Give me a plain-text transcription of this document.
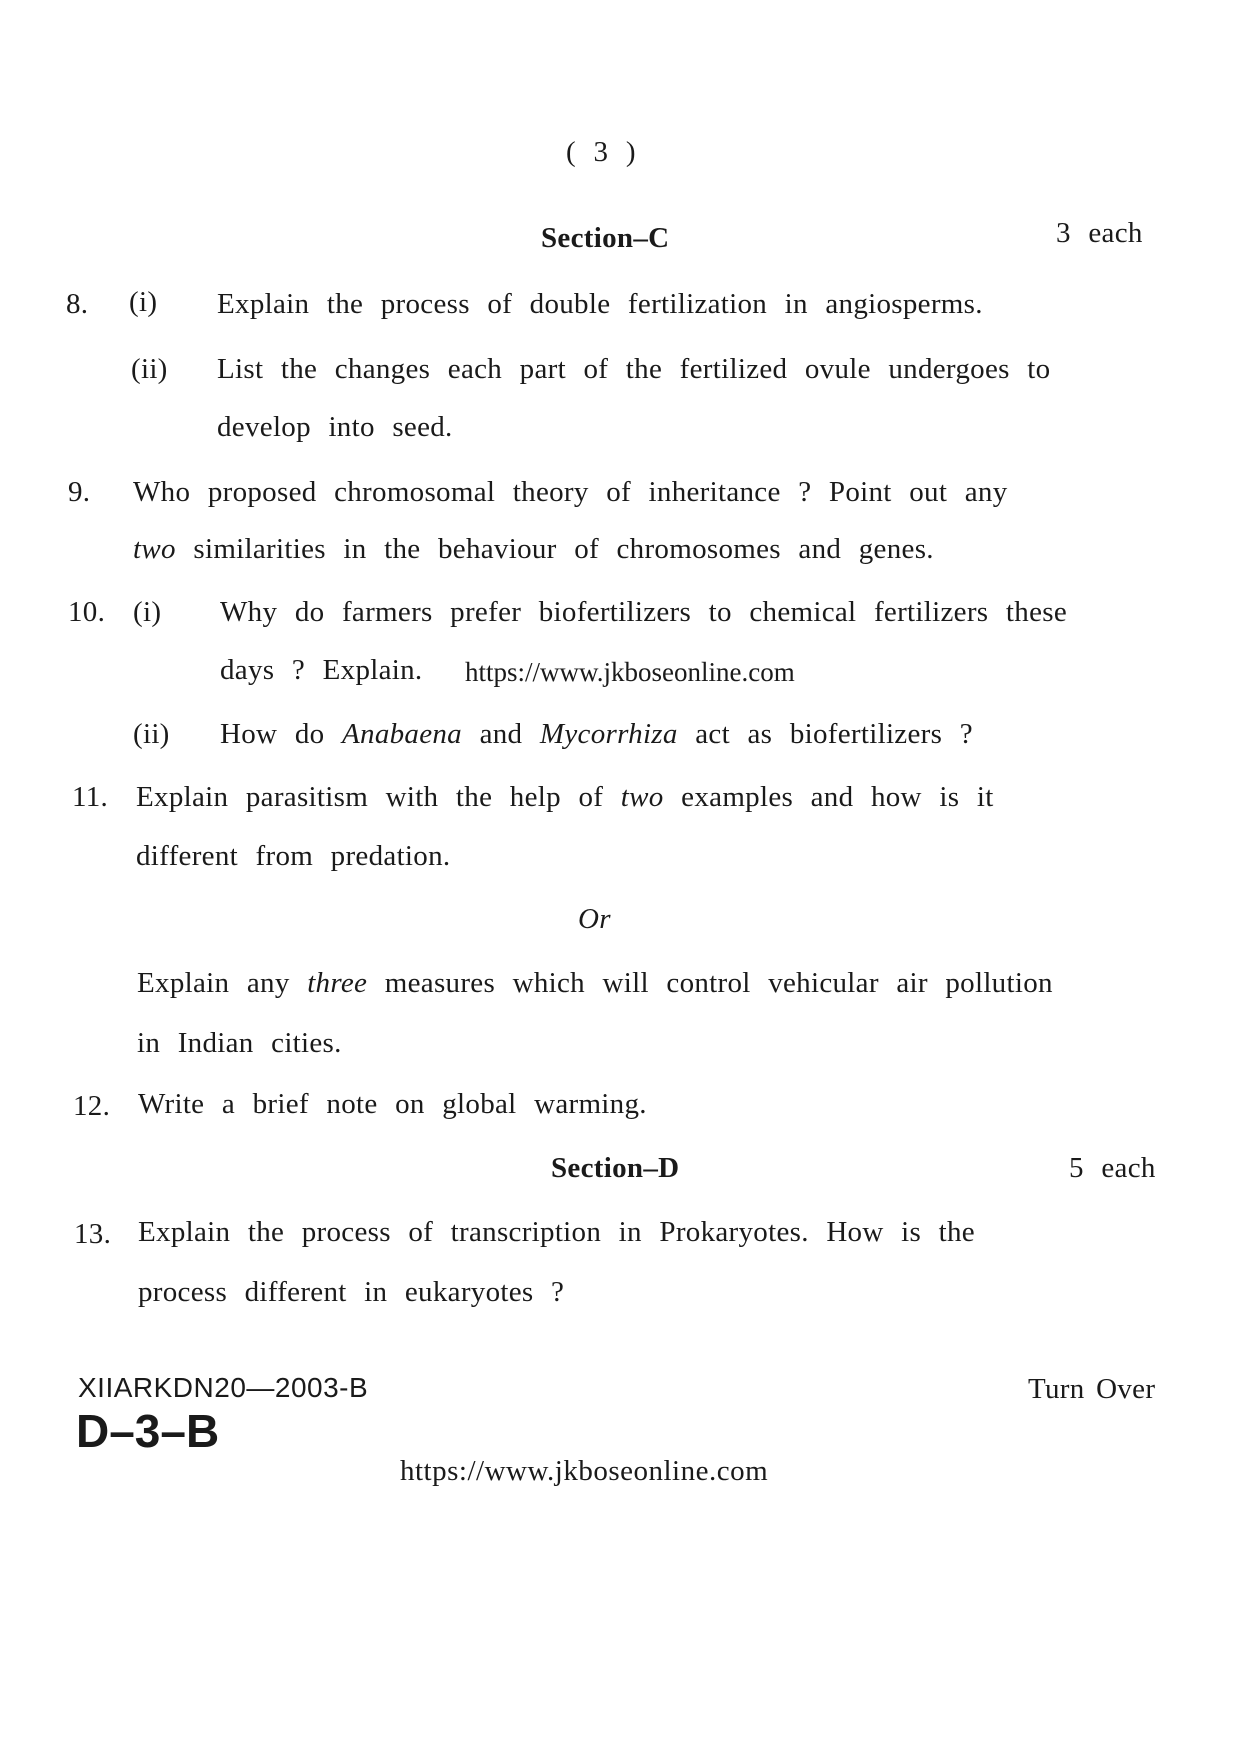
( 3 )
Section–C	3 each
8. (i) Explain the process of double fertilization in angiosperms.
(ii) List the changes each part of the fertilized ovule undergoes to
develop into seed.
9. Who proposed chromosomal theory of inheritance ? Point out any
two similarities in the behaviour of chromosomes and genes.
10. (i) Why do farmers prefer biofertilizers to chemical fertilizers these
days ? Explain. https://www.jkboseonline.com
(ii) How do Anabaena and Mycorrhiza act as biofertilizers ?
11. Explain parasitism with the help of two examples and how is it
different from predation.
Or
Explain any three measures which will control vehicular air pollution
in Indian cities.
12. Write a brief note on global warming.
Section–D	5 each
13. Explain the process of transcription in Prokaryotes. How is the
process different in eukaryotes ?
XIIARKDN20—2003-B
D–3–B
Turn Over
https://www.jkboseonline.com
